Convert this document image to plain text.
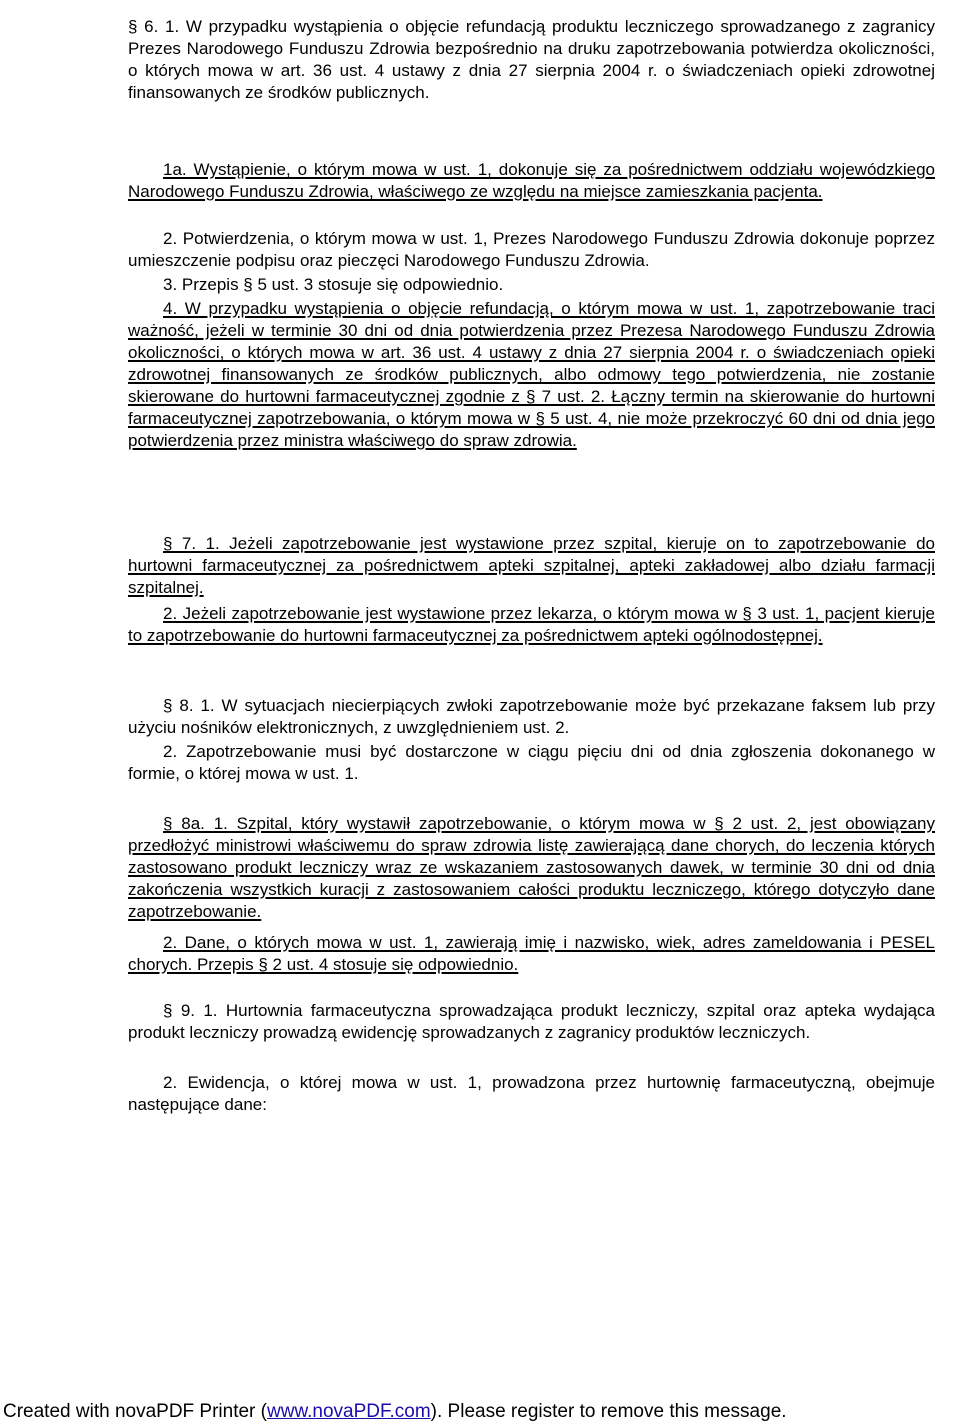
§ 6. 1. W przypadku wystąpienia o objęcie refundacją produktu leczniczego sprowadzanego z zagranicy Prezes Narodowego Funduszu Zdrowia bezpośrednio na druku zapotrzebowania potwierdza okoliczności, o których mowa w art. 36 ust. 4 ustawy z dnia 27 sierpnia 2004 r. o świadczeniach opieki zdrowotnej finansowanych ze środków publicznych.
1a. Wystąpienie, o którym mowa w ust. 1, dokonuje się za pośrednictwem oddziału wojewódzkiego Narodowego Funduszu Zdrowia, właściwego ze względu na miejsce zamieszkania pacjenta.
2. Potwierdzenia, o którym mowa w ust. 1, Prezes Narodowego Funduszu Zdrowia dokonuje poprzez umieszczenie podpisu oraz pieczęci Narodowego Funduszu Zdrowia.
3. Przepis § 5 ust. 3 stosuje się odpowiednio.
4. W przypadku wystąpienia o objęcie refundacją, o którym mowa w ust. 1, zapotrzebowanie traci ważność, jeżeli w terminie 30 dni od dnia potwierdzenia przez Prezesa Narodowego Funduszu Zdrowia okoliczności, o których mowa w art. 36 ust. 4 ustawy z dnia 27 sierpnia 2004 r. o świadczeniach opieki zdrowotnej finansowanych ze środków publicznych, albo odmowy tego potwierdzenia, nie zostanie skierowane do hurtowni farmaceutycznej zgodnie z § 7 ust. 2. Łączny termin na skierowanie do hurtowni farmaceutycznej zapotrzebowania, o którym mowa w § 5 ust. 4, nie może przekroczyć 60 dni od dnia jego potwierdzenia przez ministra właściwego do spraw zdrowia.
§ 7. 1. Jeżeli zapotrzebowanie jest wystawione przez szpital, kieruje on to zapotrzebowanie do hurtowni farmaceutycznej za pośrednictwem apteki szpitalnej, apteki zakładowej albo działu farmacji szpitalnej.
2. Jeżeli zapotrzebowanie jest wystawione przez lekarza, o którym mowa w § 3 ust. 1, pacjent kieruje to zapotrzebowanie do hurtowni farmaceutycznej za pośrednictwem apteki ogólnodostępnej.
§ 8. 1. W sytuacjach niecierpiących zwłoki zapotrzebowanie może być przekazane faksem lub przy użyciu nośników elektronicznych, z uwzględnieniem ust. 2.
2. Zapotrzebowanie musi być dostarczone w ciągu pięciu dni od dnia zgłoszenia dokonanego w formie, o której mowa w ust. 1.
§ 8a. 1. Szpital, który wystawił zapotrzebowanie, o którym mowa w § 2 ust. 2, jest obowiązany przedłożyć ministrowi właściwemu do spraw zdrowia listę zawierającą dane chorych, do leczenia których zastosowano produkt leczniczy wraz ze wskazaniem zastosowanych dawek, w terminie 30 dni od dnia zakończenia wszystkich kuracji z zastosowaniem całości produktu leczniczego, którego dotyczyło dane zapotrzebowanie.
2. Dane, o których mowa w ust. 1, zawierają imię i nazwisko, wiek, adres zameldowania i PESEL chorych. Przepis § 2 ust. 4 stosuje się odpowiednio.
§ 9. 1. Hurtownia farmaceutyczna sprowadzająca produkt leczniczy, szpital oraz apteka wydająca produkt leczniczy prowadzą ewidencję sprowadzanych z zagranicy produktów leczniczych.
2. Ewidencja, o której mowa w ust. 1, prowadzona przez hurtownię farmaceutyczną, obejmuje następujące dane:
Created with novaPDF Printer (www.novaPDF.com). Please register to remove this message.
